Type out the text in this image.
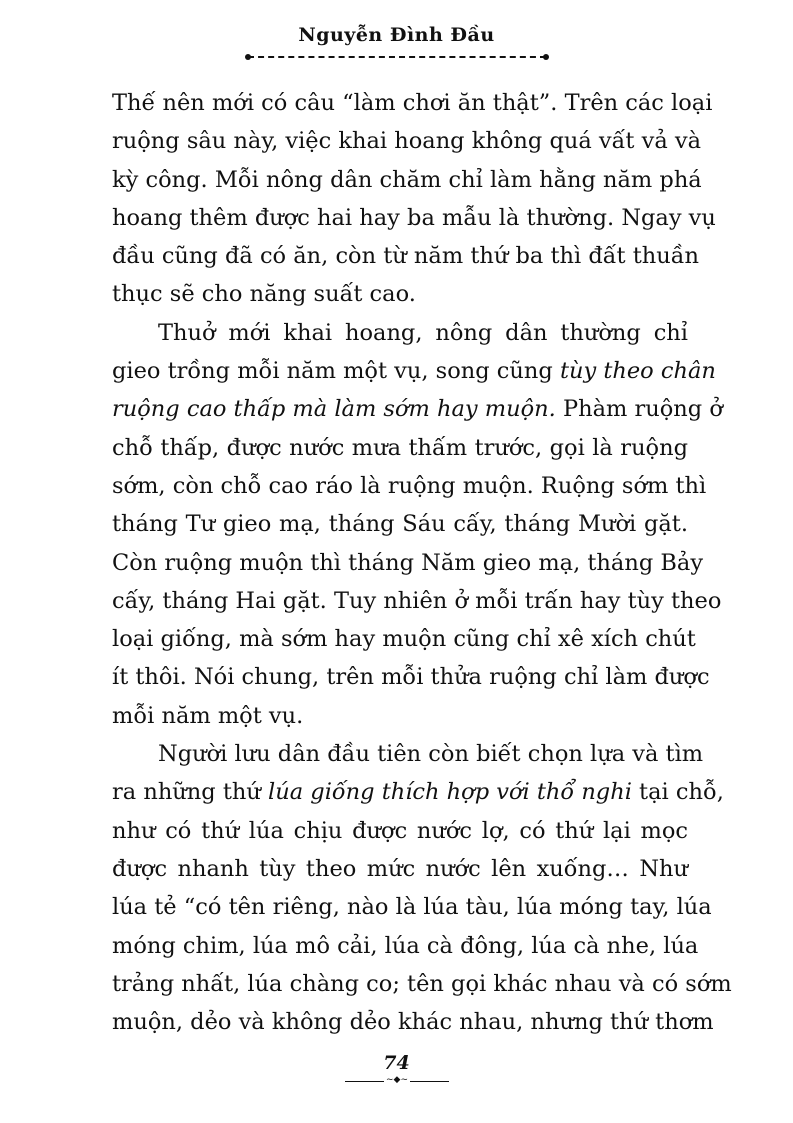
Nguyễn Đình Đầu
Thế nên mới có câu “làm chơi ăn thật”. Trên các loại
ruộng sâu này, việc khai hoang không quá vất vả và
kỳ công. Mỗi nông dân chăm chỉ làm hằng năm phá
hoang thêm được hai hay ba mẫu là thường. Ngay vụ
đầu cũng đã có ăn, còn từ năm thứ ba thì đất thuần
thục sẽ cho năng suất cao.
Thuở mới khai hoang, nông dân thường chỉ
gieo trồng mỗi năm một vụ, song cũng tùy theo chân
ruộng cao thấp mà làm sớm hay muộn. Phàm ruộng ở
chỗ thấp, được nước mưa thấm trước, gọi là ruộng
sớm, còn chỗ cao ráo là ruộng muộn. Ruộng sớm thì
tháng Tư gieo mạ, tháng Sáu cấy, tháng Mười gặt.
Còn ruộng muộn thì tháng Năm gieo mạ, tháng Bảy
cấy, tháng Hai gặt. Tuy nhiên ở mỗi trấn hay tùy theo
loại giống, mà sớm hay muộn cũng chỉ xê xích chút
ít thôi. Nói chung, trên mỗi thửa ruộng chỉ làm được
mỗi năm một vụ.
Người lưu dân đầu tiên còn biết chọn lựa và tìm
ra những thứ lúa giống thích hợp với thổ nghi tại chỗ,
như có thứ lúa chịu được nước lợ, có thứ lại mọc
được nhanh tùy theo mức nước lên xuống… Như
lúa tẻ “có tên riêng, nào là lúa tàu, lúa móng tay, lúa
móng chim, lúa mô cải, lúa cà đông, lúa cà nhe, lúa
trảng nhất, lúa chàng co; tên gọi khác nhau và có sớm
muộn, dẻo và không dẻo khác nhau, nhưng thứ thơm
74
~◆~
